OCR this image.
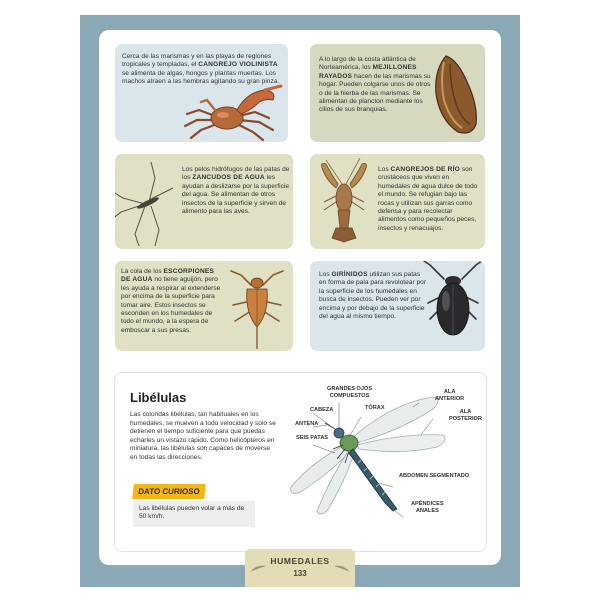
Cerca de las marismas y en las playas de regiones tropicales y templadas, el CANGREJO VIOLINISTA se alimenta de algas, hongos y plantas muertas. Los machos atraen a las hembras agitando su gran pinza.

A lo largo de la costa atlántica de Norteamérica, los MEJILLONES RAYADOS hacen de las marismas su hogar. Pueden colgarse unos de otros o de la hierba de las marismas. Se alimentan de plancton mediante los cilios de sus branquias.

Los pelos hidrófugos de las patas de los ZANCUDOS DE AGUA les ayudan a deslizarse por la superficie del agua. Se alimentan de otros insectos de la superficie y sirven de alimento para las aves.

Los CANGREJOS DE RÍO son crustáceos que viven en humedales de agua dulce de todo el mundo. Se refugian bajo las rocas y utilizan sus garras como defensa y para recolectar alimentos como pequeños peces, insectos y renacuajos.

La cola de los ESCORPIONES DE AGUA no tiene aguijón, pero les ayuda a respirar al extenderse por encima de la superficie para tomar aire. Estos insectos se esconden en los humedales de todo el mundo, a la espera de emboscar a sus presas.

Los GIRÍNIDOS utilizan sus patas en forma de pala para revolotear por la superficie de los humedales en busca de insectos. Pueden ver por encima y por debajo de la superficie del agua al mismo tiempo.

Libélulas

Las coloridas libélulas, tan habituales en los humedales, se mueven a todo velocidad y solo se detienen el tiempo suficiente para que puedas echarles un vistazo rápido. Como helicópteros en miniatura, las libélulas son capaces de moverse en todas las direcciones.

DATO CURIOSO
Las libélulas pueden volar a más de 50 km/h.
GRANDES OJOS
COMPUESTOS
CABEZA	TÓRAX
ANTENA
SEIS PATAS
ALA
ANTERIOR
ALA
POSTERIOR
ABDOMEN SEGMENTADO
APÉNDICES
ANALES
HUMEDALES
133
